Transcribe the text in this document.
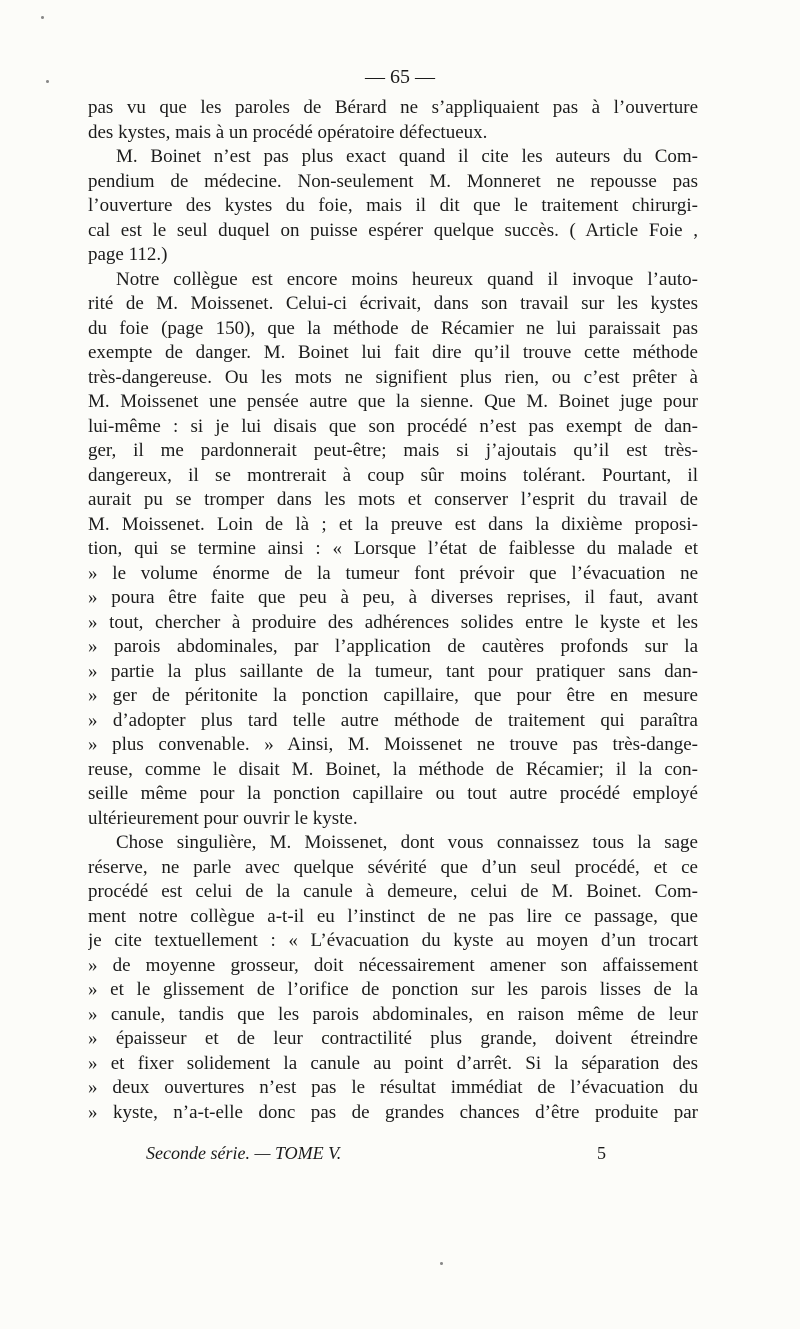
— 65 —
pas vu que les paroles de Bérard ne s’appliquaient pas à l’ouverture
des kystes, mais à un procédé opératoire défectueux.
M. Boinet n’est pas plus exact quand il cite les auteurs du Com-
pendium de médecine. Non-seulement M. Monneret ne repousse pas
l’ouverture des kystes du foie, mais il dit que le traitement chirurgi-
cal est le seul duquel on puisse espérer quelque succès. ( Article Foie ,
page 112.)
Notre collègue est encore moins heureux quand il invoque l’auto-
rité de M. Moissenet. Celui-ci écrivait, dans son travail sur les kystes
du foie (page 150), que la méthode de Récamier ne lui paraissait pas
exempte de danger. M. Boinet lui fait dire qu’il trouve cette méthode
très-dangereuse. Ou les mots ne signifient plus rien, ou c’est prêter à
M. Moissenet une pensée autre que la sienne. Que M. Boinet juge pour
lui-même : si je lui disais que son procédé n’est pas exempt de dan-
ger, il me pardonnerait peut-être; mais si j’ajoutais qu’il est très-
dangereux, il se montrerait à coup sûr moins tolérant. Pourtant, il
aurait pu se tromper dans les mots et conserver l’esprit du travail de
M. Moissenet. Loin de là ; et la preuve est dans la dixième proposi-
tion, qui se termine ainsi : « Lorsque l’état de faiblesse du malade et
» le volume énorme de la tumeur font prévoir que l’évacuation ne
» poura être faite que peu à peu, à diverses reprises, il faut, avant
» tout, chercher à produire des adhérences solides entre le kyste et les
» parois abdominales, par l’application de cautères profonds sur la
» partie la plus saillante de la tumeur, tant pour pratiquer sans dan-
» ger de péritonite la ponction capillaire, que pour être en mesure
» d’adopter plus tard telle autre méthode de traitement qui paraîtra
» plus convenable. » Ainsi, M. Moissenet ne trouve pas très-dange-
reuse, comme le disait M. Boinet, la méthode de Récamier; il la con-
seille même pour la ponction capillaire ou tout autre procédé employé
ultérieurement pour ouvrir le kyste.
Chose singulière, M. Moissenet, dont vous connaissez tous la sage
réserve, ne parle avec quelque sévérité que d’un seul procédé, et ce
procédé est celui de la canule à demeure, celui de M. Boinet. Com-
ment notre collègue a-t-il eu l’instinct de ne pas lire ce passage, que
je cite textuellement : « L’évacuation du kyste au moyen d’un trocart
» de moyenne grosseur, doit nécessairement amener son affaissement
» et le glissement de l’orifice de ponction sur les parois lisses de la
» canule, tandis que les parois abdominales, en raison même de leur
» épaisseur et de leur contractilité plus grande, doivent étreindre
» et fixer solidement la canule au point d’arrêt. Si la séparation des
» deux ouvertures n’est pas le résultat immédiat de l’évacuation du
» kyste, n’a-t-elle donc pas de grandes chances d’être produite par
Seconde série. — TOME V.	5
